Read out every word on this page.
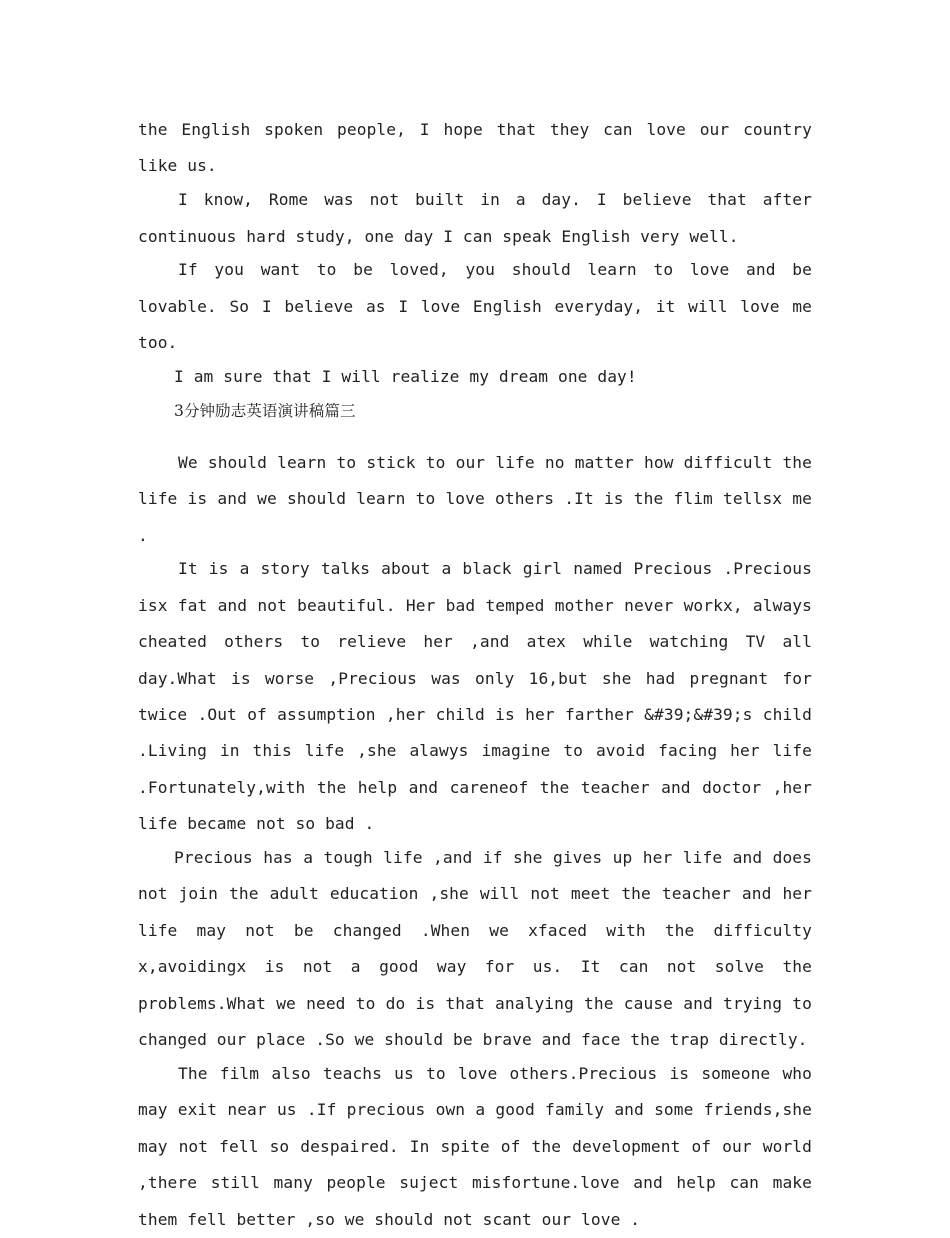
the English spoken people, I hope that they can love our country like us.

I know, Rome was not built in a day. I believe that after continuous hard study, one day I can speak English very well.

If you want to be loved, you should learn to love and be lovable. So I believe as I love English everyday, it will love me too.

I am sure that I will realize my dream one day!

3分钟励志英语演讲稿篇三

We should learn to stick to our life no matter how difficult the life is and we should learn to love others .It is the flim tellsx me .

It is a story talks about a black girl named Precious .Precious isx fat and not beautiful. Her bad temped mother never workx, always cheated others to relieve her ,and atex while watching TV all day.What is worse ,Precious was only 16,but she had pregnant for twice .Out of assumption ,her child is her farther &#39;&#39;s child .Living in this life ,she alawys imagine to avoid facing her life .Fortunately,with the help and careneof the teacher and doctor ,her life became not so bad .

Precious has a tough life ,and if she gives up her life and does not join the adult education ,she will not meet the teacher and her life may not be changed .When we xfaced with the difficulty x,avoidingx is not a good way for us. It can not solve the problems.What we need to do is that analying the cause and trying to changed our place .So we should be brave and face the trap directly.

The film also teachs us to love others.Precious is someone who may exit near us .If precious own a good family and some friends,she may not fell so despaired. In spite of the development of our world ,there still many people suject misfortune.love and help can make them fell better ,so we should not scant our love .
